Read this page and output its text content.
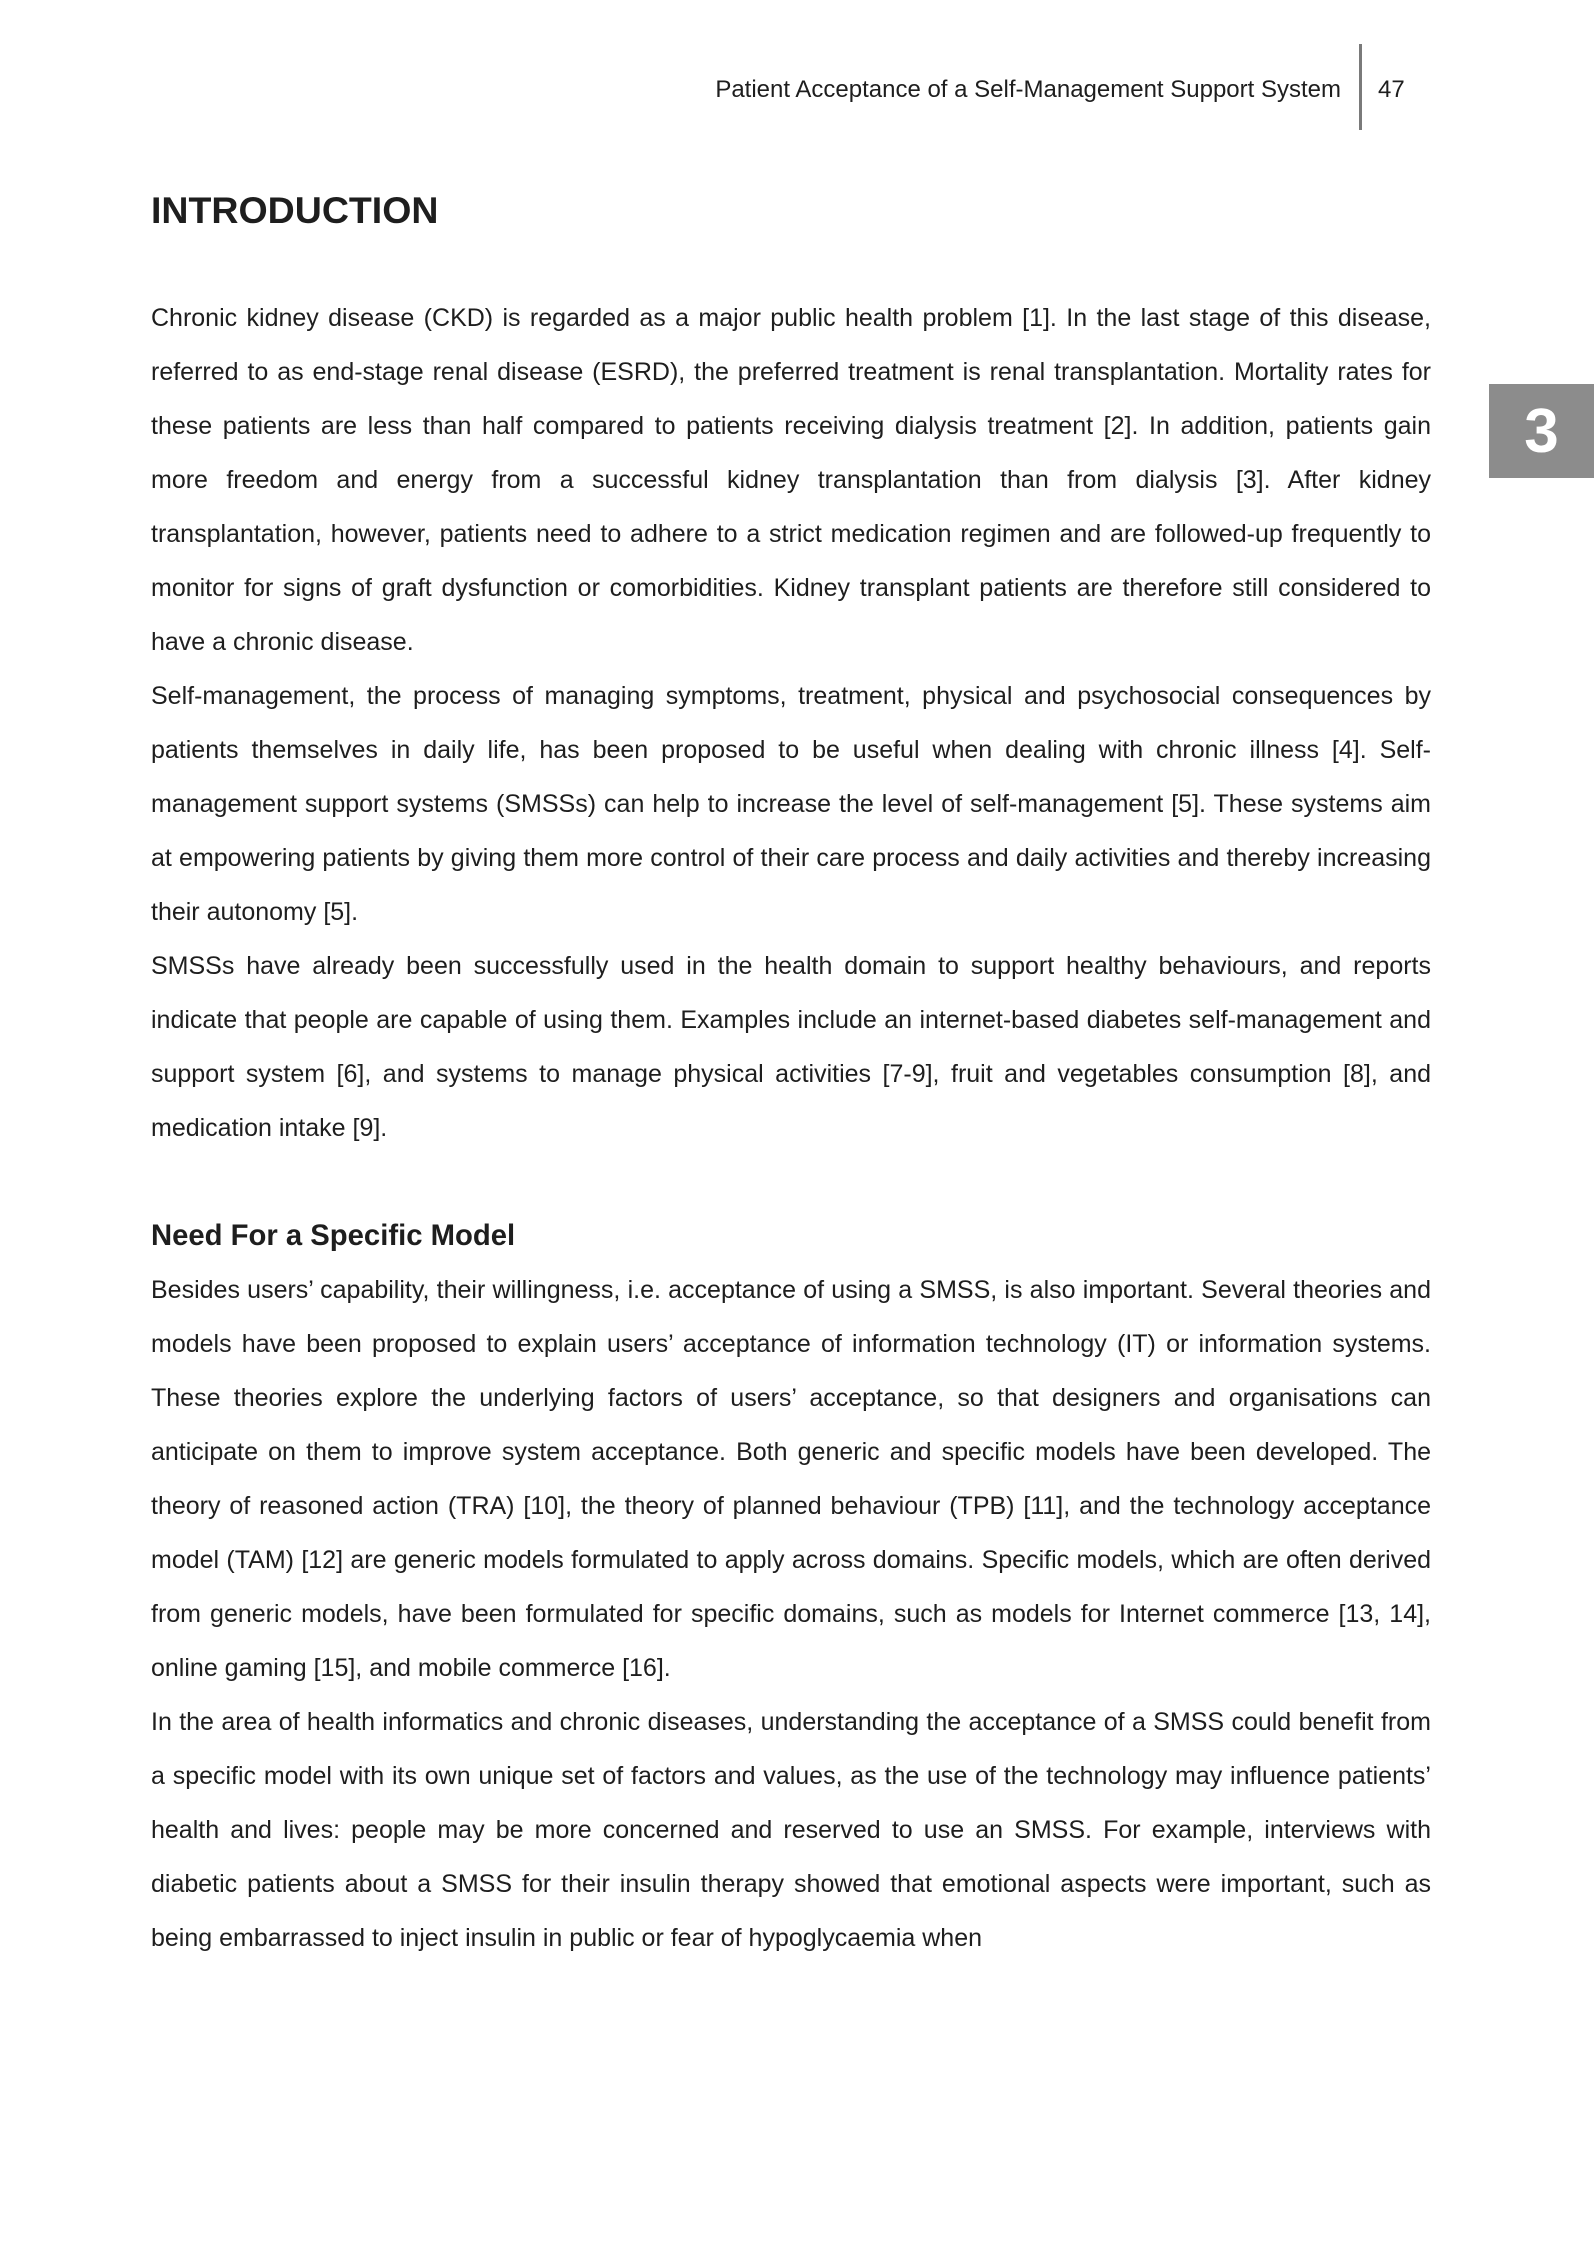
Patient Acceptance of a Self-Management Support System	47
3
INTRODUCTION

Chronic kidney disease (CKD) is regarded as a major public health problem [1]. In the last stage of this disease, referred to as end-stage renal disease (ESRD), the preferred treatment is renal transplantation. Mortality rates for these patients are less than half compared to patients receiving dialysis treatment [2]. In addition, patients gain more freedom and energy from a successful kidney transplantation than from dialysis [3]. After kidney transplantation, however, patients need to adhere to a strict medication regimen and are followed-up frequently to monitor for signs of graft dysfunction or comorbidities. Kidney transplant patients are therefore still considered to have a chronic disease.

Self-management, the process of managing symptoms, treatment, physical and psychosocial consequences by patients themselves in daily life, has been proposed to be useful when dealing with chronic illness [4]. Self-management support systems (SMSSs) can help to increase the level of self-management [5]. These systems aim at empowering patients by giving them more control of their care process and daily activities and thereby increasing their autonomy [5].

SMSSs have already been successfully used in the health domain to support healthy behaviours, and reports indicate that people are capable of using them. Examples include an internet-based diabetes self-management and support system [6], and systems to manage physical activities [7-9], fruit and vegetables consumption [8], and medication intake [9].

Need For a Specific Model

Besides users’ capability, their willingness, i.e. acceptance of using a SMSS, is also important. Several theories and models have been proposed to explain users’ acceptance of information technology (IT) or information systems. These theories explore the underlying factors of users’ acceptance, so that designers and organisations can anticipate on them to improve system acceptance. Both generic and specific models have been developed. The theory of reasoned action (TRA) [10], the theory of planned behaviour (TPB) [11], and the technology acceptance model (TAM) [12] are generic models formulated to apply across domains. Specific models, which are often derived from generic models, have been formulated for specific domains, such as models for Internet commerce [13, 14], online gaming [15], and mobile commerce [16].

In the area of health informatics and chronic diseases, understanding the acceptance of a SMSS could benefit from a specific model with its own unique set of factors and values, as the use of the technology may influence patients’ health and lives: people may be more concerned and reserved to use an SMSS. For example, interviews with diabetic patients about a SMSS for their insulin therapy showed that emotional aspects were important, such as being embarrassed to inject insulin in public or fear of hypoglycaemia when
